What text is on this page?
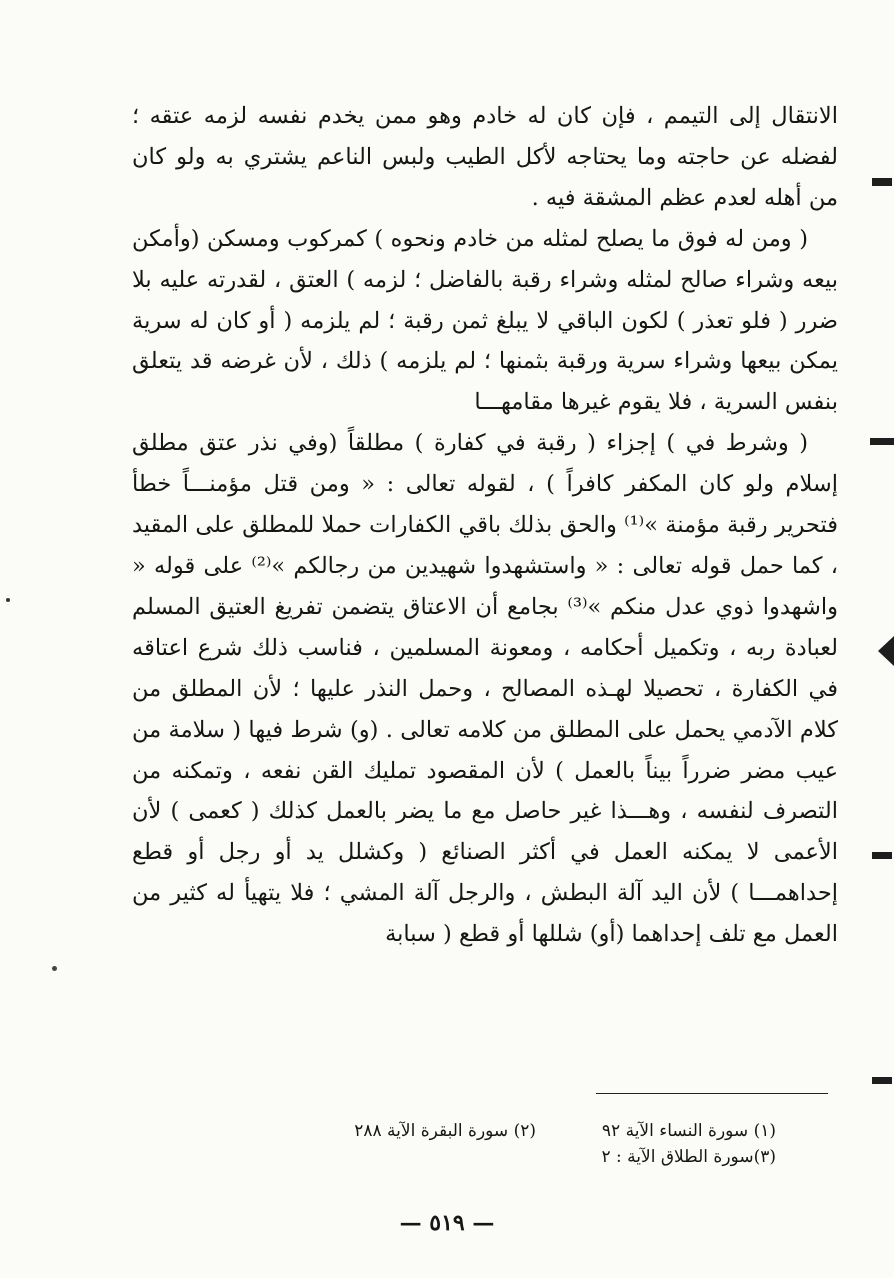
الانتقال إلى التيمم ، فإن كان له خادم وهو ممن يخدم نفسه لزمه عتقه ؛ لفضله عن حاجته وما يحتاجه لأكل الطيب ولبس الناعم يشتري به ولو كان من أهله لعدم عظم المشقة فيه .

( ومن له فوق ما يصلح لمثله من خادم ونحوه ) كمركوب ومسكن (وأمكن بيعه وشراء صالح لمثله وشراء رقبة بالفاضل ؛ لزمه ) العتق ، لقدرته عليه بلا ضرر ( فلو تعذر ) لكون الباقي لا يبلغ ثمن رقبة ؛ لم يلزمه ( أو كان له سرية يمكن بيعها وشراء سرية ورقبة بثمنها ؛ لم يلزمه ) ذلك ، لأن غرضه قد يتعلق بنفس السرية ، فلا يقوم غيرها مقامهـــا

( وشرط في ) إجزاء ( رقبة في كفارة ) مطلقاً (وفي نذر عتق مطلق إسلام ولو كان المكفر كافراً ) ، لقوله تعالى : « ومن قتل مؤمنـــاً خطأ فتحرير رقبة مؤمنة »⁽¹⁾ والحق بذلك باقي الكفارات حملا للمطلق على المقيد ، كما حمل قوله تعالى : « واستشهدوا شهيدين من رجالكم »⁽²⁾ على قوله « واشهدوا ذوي عدل منكم »⁽³⁾ بجامع أن الاعتاق يتضمن تفريغ العتيق المسلم لعبادة ربه ، وتكميل أحكامه ، ومعونة المسلمين ، فناسب ذلك شرع اعتاقه في الكفارة ، تحصيلا لهـذه المصالح ، وحمل النذر عليها ؛ لأن المطلق من كلام الآدمي يحمل على المطلق من كلامه تعالى . (و) شرط فيها ( سلامة من عيب مضر ضرراً بيناً بالعمل ) لأن المقصود تمليك القن نفعه ، وتمكنه من التصرف لنفسه ، وهـــذا غير حاصل مع ما يضر بالعمل كذلك ( كعمى ) لأن الأعمى لا يمكنه العمل في أكثر الصنائع ( وكشلل يد أو رجل أو قطع إحداهمـــا ) لأن اليد آلة البطش ، والرجل آلة المشي ؛ فلا يتهيأ له كثير من العمل مع تلف إحداهما (أو) شللها أو قطع ( سبابة

(١) سورة النساء الآية ٩٢
(٢) سورة البقرة الآية ٢٨٨
(٣)سورة الطلاق الآية : ٢
— ٥١٩ —
